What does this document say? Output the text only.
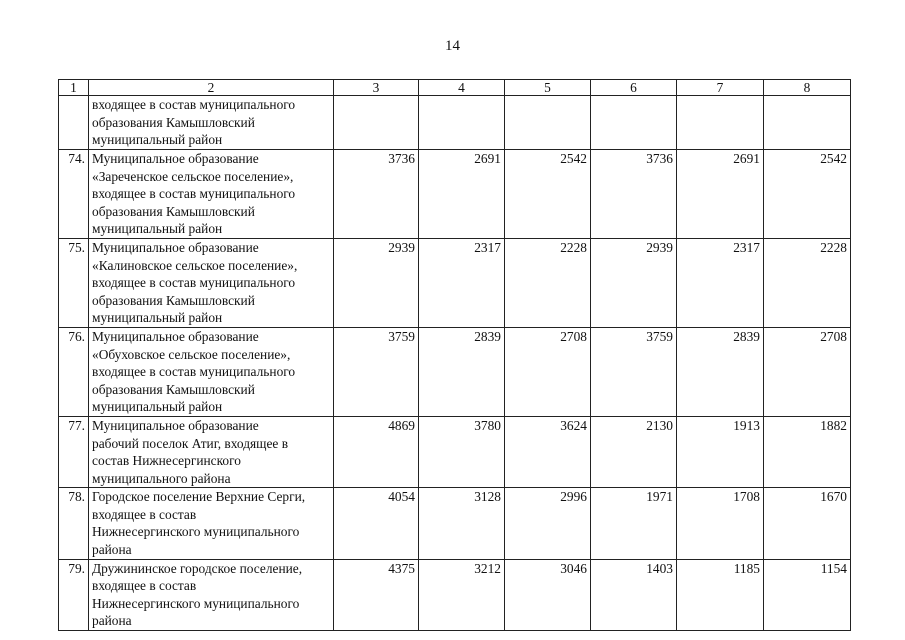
14
1	2	3	4	5	6	7	8

	входящее в состав муниципального
образования Камышловский
муниципальный район						

74.	Муниципальное образование
«Зареченское сельское поселение»,
входящее в состав муниципального
образования Камышловский
муниципальный район	3736	2691	2542	3736	2691	2542
75.	Муниципальное образование
«Калиновское сельское поселение»,
входящее в состав муниципального
образования Камышловский
муниципальный район	2939	2317	2228	2939	2317	2228
76.	Муниципальное образование
«Обуховское сельское поселение»,
входящее в состав муниципального
образования Камышловский
муниципальный район	3759	2839	2708	3759	2839	2708
77.	Муниципальное образование
рабочий поселок Атиг, входящее в
состав Нижнесергинского
муниципального района	4869	3780	3624	2130	1913	1882
78.	Городское поселение Верхние Серги,
входящее в состав
Нижнесергинского муниципального
района	4054	3128	2996	1971	1708	1670
79.	Дружининское городское поселение,
входящее в состав
Нижнесергинского муниципального
района	4375	3212	3046	1403	1185	1154
